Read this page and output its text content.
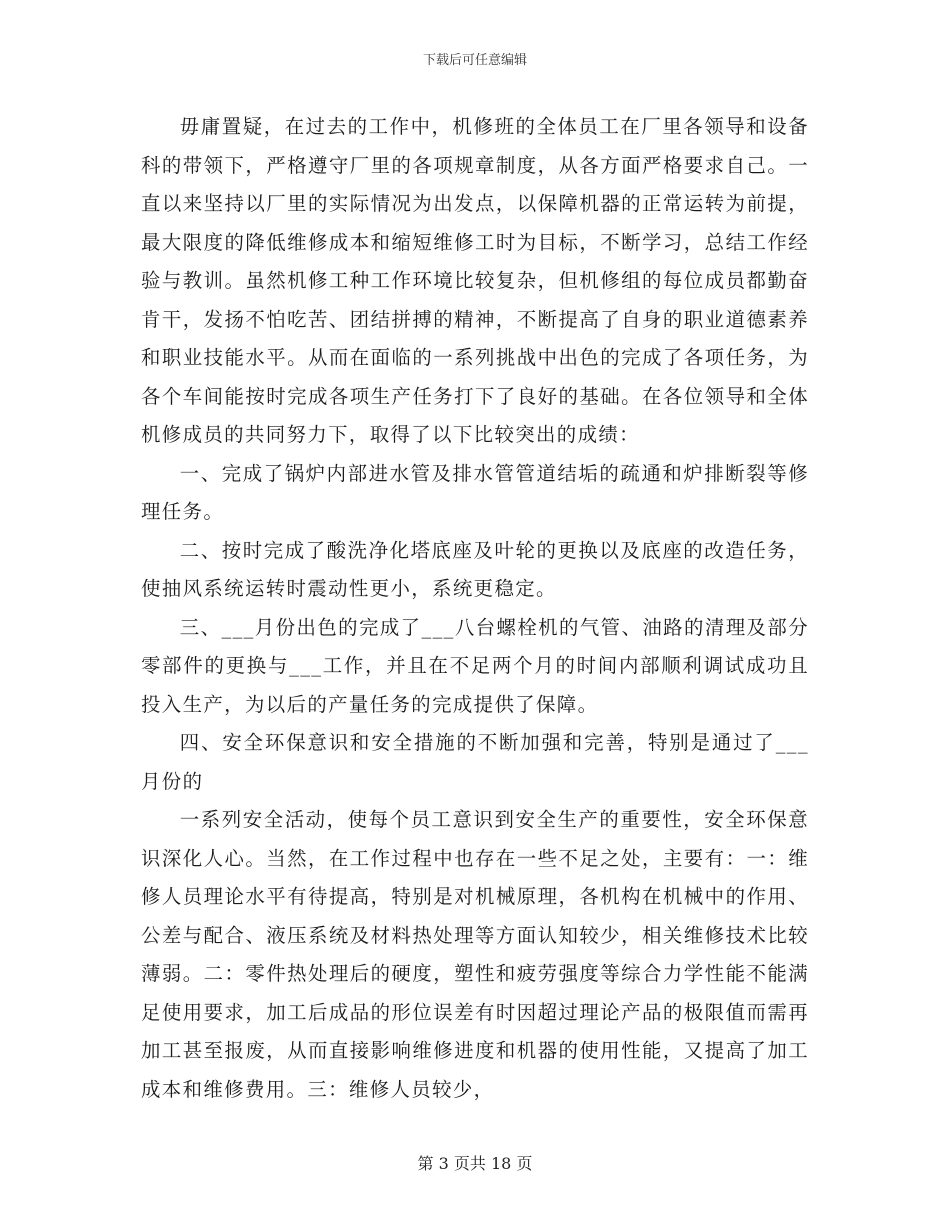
下载后可任意编辑

毋庸置疑，在过去的工作中，机修班的全体员工在厂里各领导和设备科的带领下，严格遵守厂里的各项规章制度，从各方面严格要求自己。一直以来坚持以厂里的实际情况为出发点，以保障机器的正常运转为前提，最大限度的降低维修成本和缩短维修工时为目标，不断学习，总结工作经验与教训。虽然机修工种工作环境比较复杂，但机修组的每位成员都勤奋肯干，发扬不怕吃苦、团结拼搏的精神，不断提高了自身的职业道德素养和职业技能水平。从而在面临的一系列挑战中出色的完成了各项任务，为各个车间能按时完成各项生产任务打下了良好的基础。在各位领导和全体机修成员的共同努力下，取得了以下比较突出的成绩：

一、完成了锅炉内部进水管及排水管管道结垢的疏通和炉排断裂等修理任务。

二、按时完成了酸洗净化塔底座及叶轮的更换以及底座的改造任务，使抽风系统运转时震动性更小，系统更稳定。

三、___月份出色的完成了___八台螺栓机的气管、油路的清理及部分零部件的更换与___工作，并且在不足两个月的时间内部顺利调试成功且投入生产，为以后的产量任务的完成提供了保障。

四、安全环保意识和安全措施的不断加强和完善，特别是通过了___月份的

一系列安全活动，使每个员工意识到安全生产的重要性，安全环保意识深化人心。当然，在工作过程中也存在一些不足之处，主要有：一：维修人员理论水平有待提高，特别是对机械原理，各机构在机械中的作用、公差与配合、液压系统及材料热处理等方面认知较少，相关维修技术比较薄弱。二：零件热处理后的硬度，塑性和疲劳强度等综合力学性能不能满足使用要求，加工后成品的形位误差有时因超过理论产品的极限值而需再加工甚至报废，从而直接影响维修进度和机器的使用性能，又提高了加工成本和维修费用。三：维修人员较少，

第 3 页共 18 页
